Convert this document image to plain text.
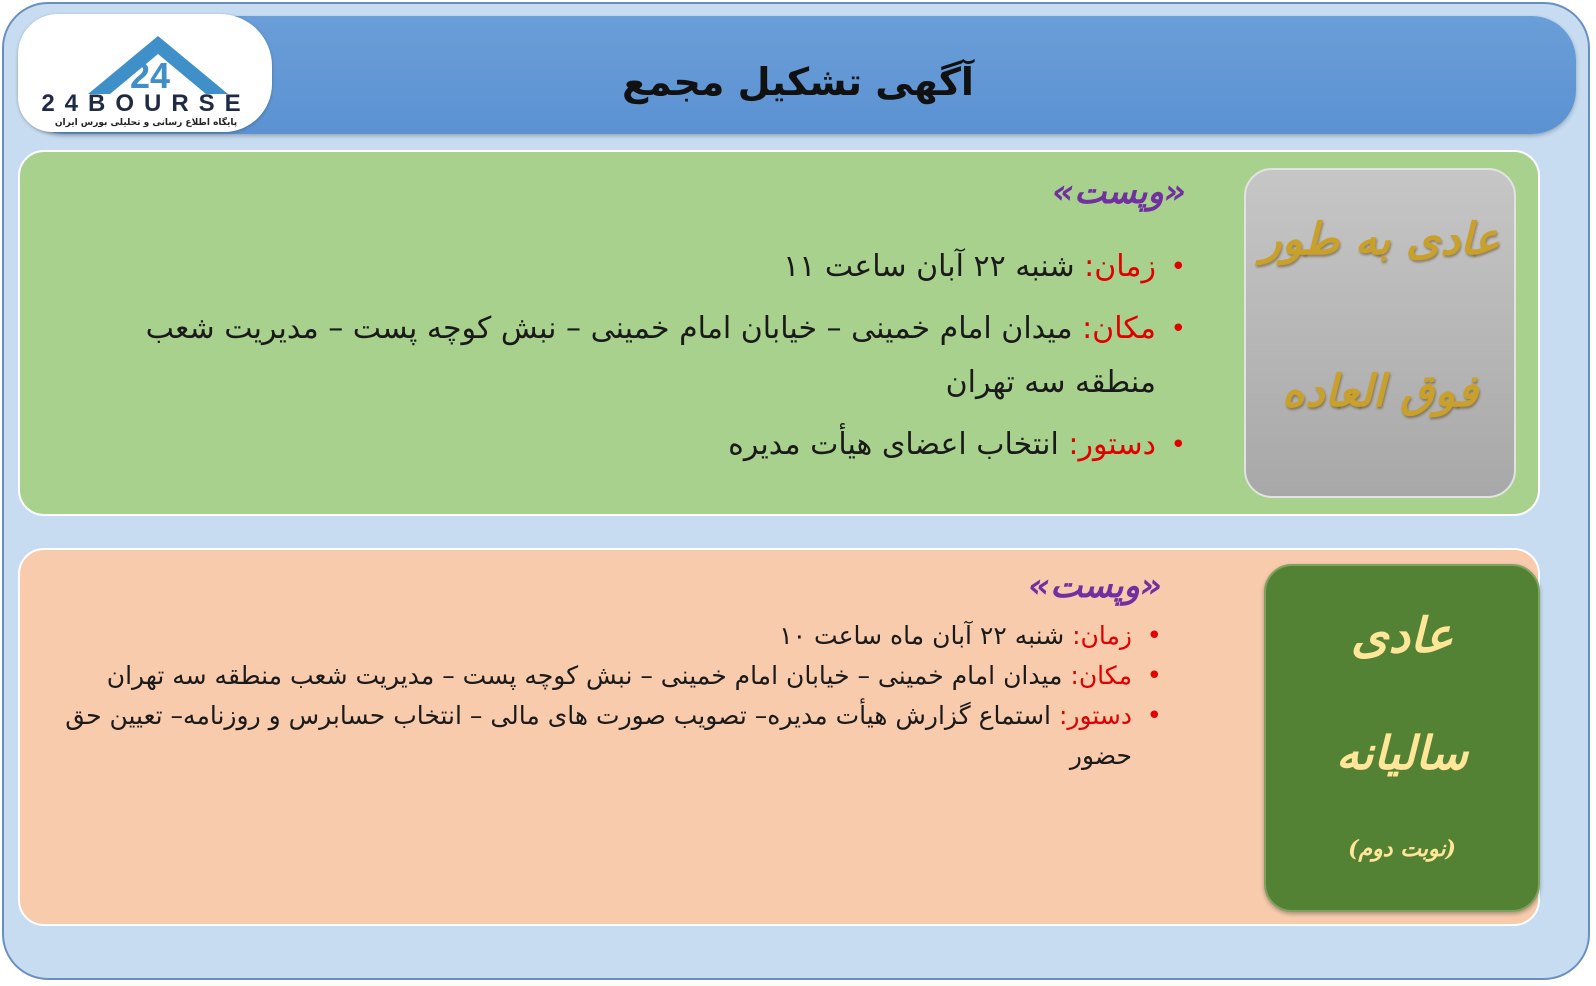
آگهی تشکیل مجمع
24
24BOURSE
پایگاه اطلاع رسانی و تحلیلی بورس ایران
«وپست»
•
زمان: شنبه ۲۲ آبان ساعت ۱۱
•
مکان: میدان امام خمینی – خیابان امام خمینی – نبش کوچه پست – مدیریت شعب منطقه سه تهران
•
دستور: انتخاب اعضای هیأت مدیره
عادی به طور
فوق العاده
«وپست»
•
زمان: شنبه ۲۲ آبان ماه ساعت ۱۰
•
مکان: میدان امام خمینی – خیابان امام خمینی – نبش کوچه پست – مدیریت شعب منطقه سه تهران
•
دستور: استماع گزارش هیأت مدیره– تصویب صورت های مالی – انتخاب حسابرس و روزنامه– تعیین حق حضور
عادی
سالیانه
(نوبت دوم)
